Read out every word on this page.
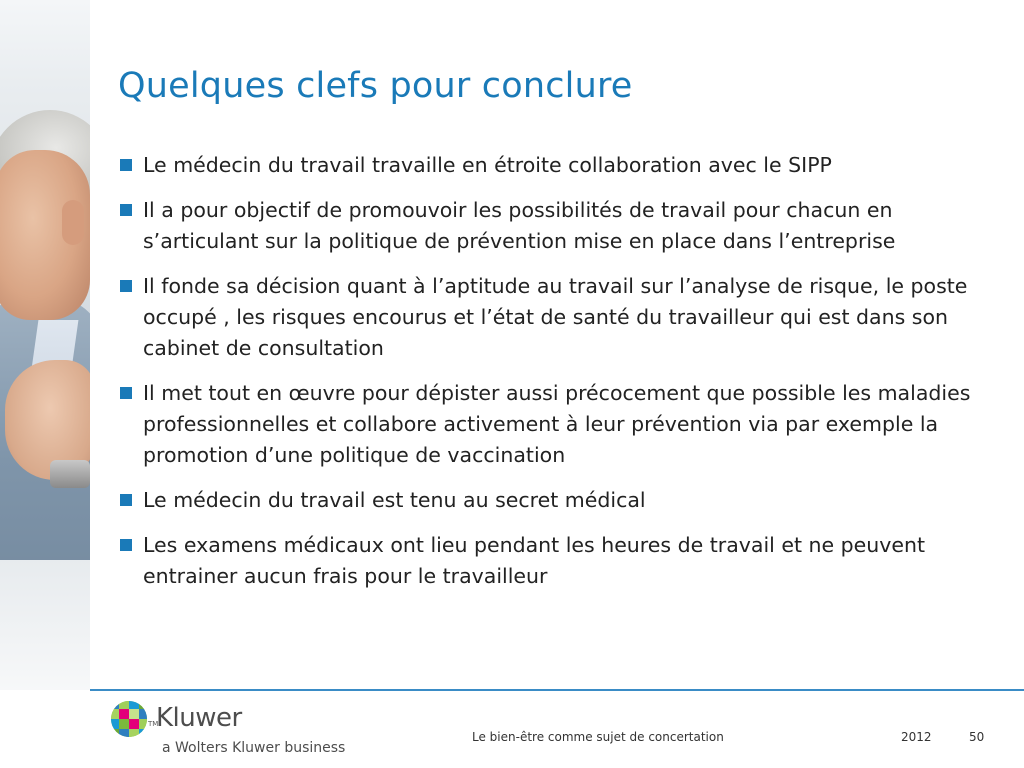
Quelques clefs pour conclure
Le médecin du travail travaille en étroite collaboration avec le SIPP
Il a pour objectif de promouvoir les possibilités de travail pour chacun en s’articulant sur la politique de prévention mise en place dans l’entreprise
Il fonde sa décision quant à l’aptitude au travail sur l’analyse de risque, le poste occupé , les risques encourus et l’état de santé du travailleur qui est dans son cabinet de consultation
Il met tout en œuvre pour dépister aussi précocement que possible les maladies professionnelles et collabore activement à leur prévention via par exemple la promotion d’une politique de vaccination
Le médecin du travail est tenu au secret médical
Les examens médicaux ont lieu pendant les heures de travail et ne peuvent entrainer aucun frais pour le travailleur
TM
Kluwer
a Wolters Kluwer business
Le bien-être comme sujet de concertation	2012	50
